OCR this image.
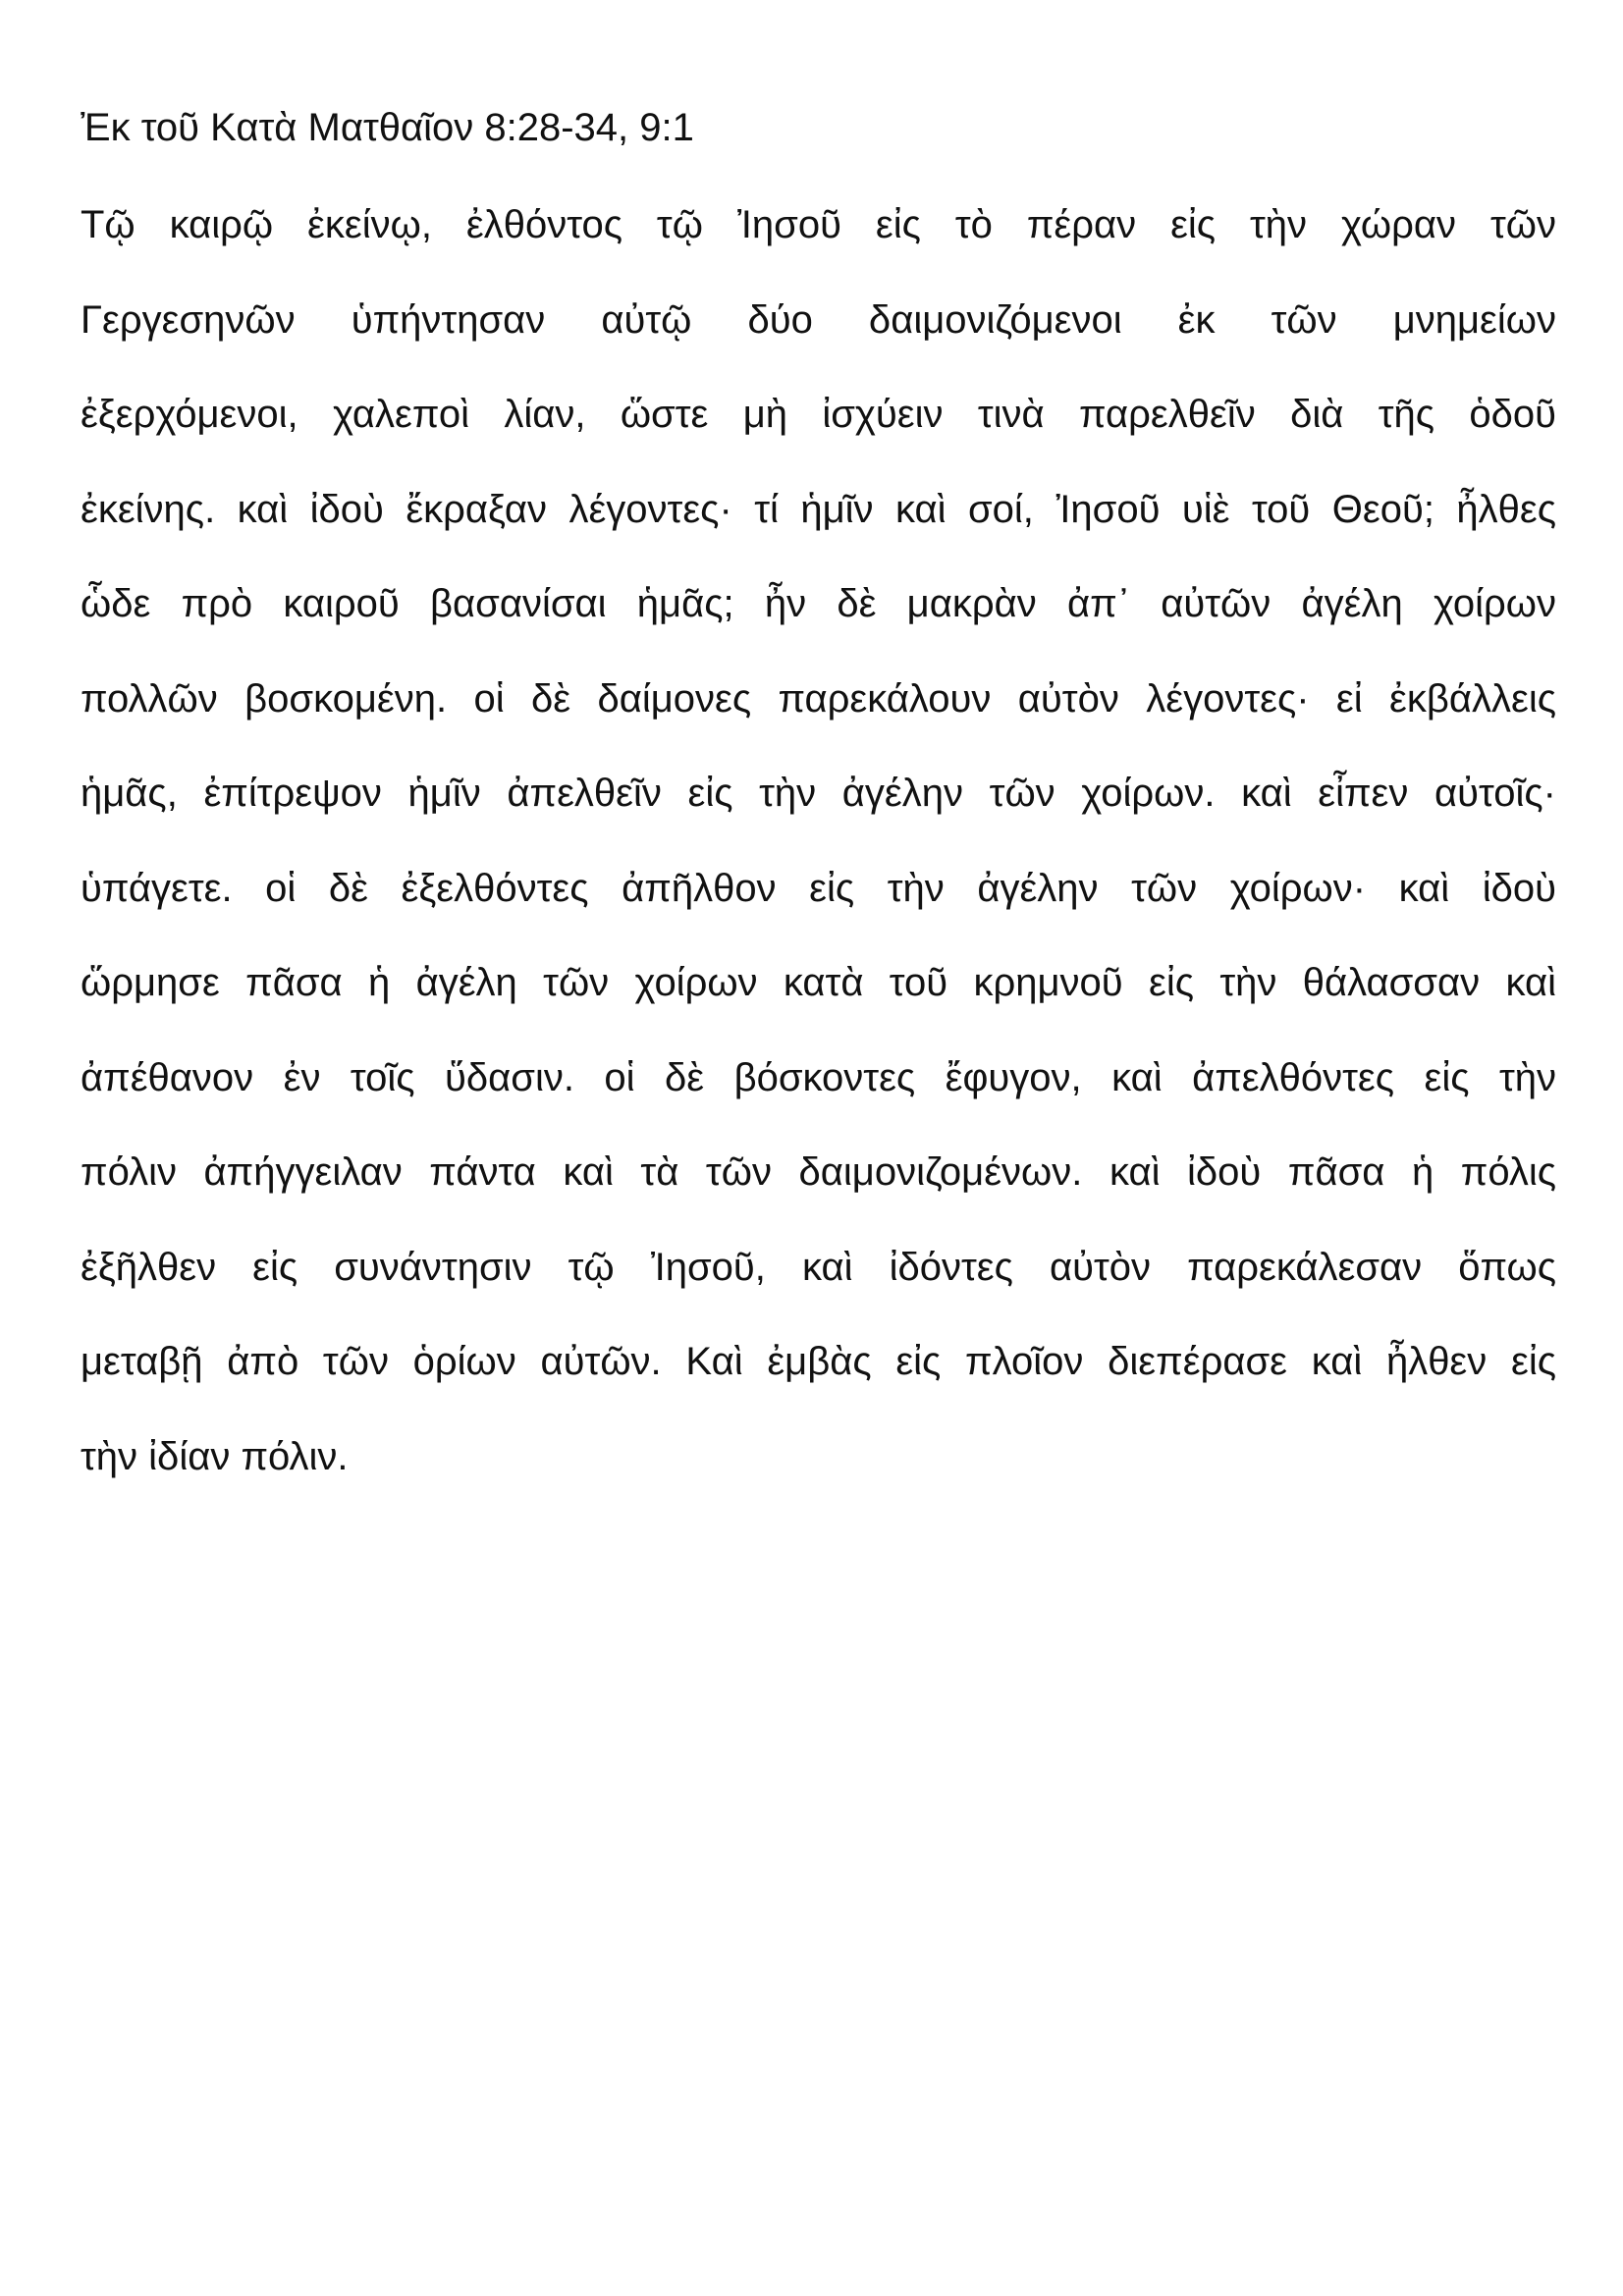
Ἐκ τοῦ Κατὰ Ματθαῖον 8:28-34, 9:1
Τῷ καιρῷ ἐκείνῳ, ἐλθόντος τῷ Ἰησοῦ εἰς τὸ πέραν εἰς τὴν χώραν τῶν
Γεργεσηνῶν ὑπήντησαν αὐτῷ δύο δαιμονιζόμενοι ἐκ τῶν μνημείων
ἐξερχόμενοι, χαλεποὶ λίαν, ὥστε μὴ ἰσχύειν τινὰ παρελθεῖν διὰ τῆς ὁδοῦ
ἐκείνης. καὶ ἰδοὺ ἔκραξαν λέγοντες· τί ἡμῖν καὶ σοί, Ἰησοῦ υἱὲ τοῦ Θεοῦ; ἦλθες
ὧδε πρὸ καιροῦ βασανίσαι ἡμᾶς; ἦν δὲ μακρὰν ἀπ᾽ αὐτῶν ἀγέλη χοίρων
πολλῶν βοσκομένη. οἱ δὲ δαίμονες παρεκάλουν αὐτὸν λέγοντες· εἰ ἐκβάλλεις
ἡμᾶς, ἐπίτρεψον ἡμῖν ἀπελθεῖν εἰς τὴν ἀγέλην τῶν χοίρων. καὶ εἶπεν αὐτοῖς·
ὑπάγετε. οἱ δὲ ἐξελθόντες ἀπῆλθον εἰς τὴν ἀγέλην τῶν χοίρων· καὶ ἰδοὺ
ὥρμησε πᾶσα ἡ ἀγέλη τῶν χοίρων κατὰ τοῦ κρημνοῦ εἰς τὴν θάλασσαν καὶ
ἀπέθανον ἐν τοῖς ὕδασιν. οἱ δὲ βόσκοντες ἔφυγον, καὶ ἀπελθόντες εἰς τὴν
πόλιν ἀπήγγειλαν πάντα καὶ τὰ τῶν δαιμονιζομένων. καὶ ἰδοὺ πᾶσα ἡ πόλις
ἐξῆλθεν εἰς συνάντησιν τῷ Ἰησοῦ, καὶ ἰδόντες αὐτὸν παρεκάλεσαν ὅπως
μεταβῇ ἀπὸ τῶν ὁρίων αὐτῶν. Καὶ ἐμβὰς εἰς πλοῖον διεπέρασε καὶ ἦλθεν εἰς
τὴν ἰδίαν πόλιν.
